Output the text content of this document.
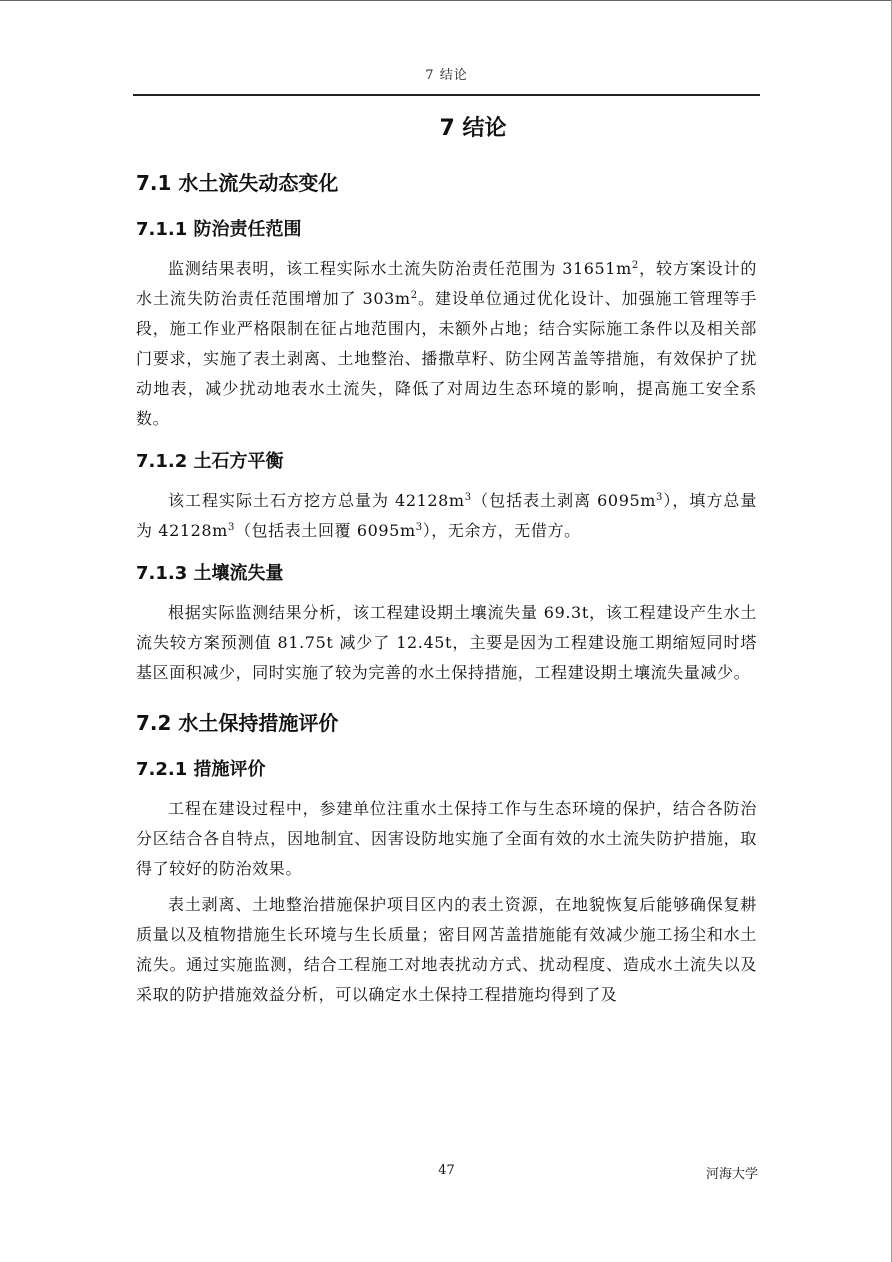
7 结论
7 结论
7.1 水土流失动态变化
7.1.1 防治责任范围

监测结果表明，该工程实际水土流失防治责任范围为 $31651m^2$，较方案设计的水土流失防治责任范围增加了 $303m^2$。建设单位通过优化设计、加强施工管理等手段，施工作业严格限制在征占地范围内，未额外占地；结合实际施工条件以及相关部门要求，实施了表土剥离、土地整治、播撒草籽、防尘网苫盖等措施，有效保护了扰动地表，减少扰动地表水土流失，降低了对周边生态环境的影响，提高施工安全系数。

7.1.2 土石方平衡

该工程实际土石方挖方总量为 $42128m^3$（包括表土剥离 $6095m^3$），填方总量为 $42128m^3$（包括表土回覆 $6095m^3$），无余方，无借方。

7.1.3 土壤流失量

根据实际监测结果分析，该工程建设期土壤流失量 69.3t，该工程建设产生水土流失较方案预测值 81.75t 减少了 12.45t，主要是因为工程建设施工期缩短同时塔基区面积减少，同时实施了较为完善的水土保持措施，工程建设期土壤流失量减少。

7.2 水土保持措施评价
7.2.1 措施评价

工程在建设过程中，参建单位注重水土保持工作与生态环境的保护，结合各防治分区结合各自特点，因地制宜、因害设防地实施了全面有效的水土流失防护措施，取得了较好的防治效果。

表土剥离、土地整治措施保护项目区内的表土资源，在地貌恢复后能够确保复耕质量以及植物措施生长环境与生长质量；密目网苫盖措施能有效减少施工扬尘和水土流失。通过实施监测，结合工程施工对地表扰动方式、扰动程度、造成水土流失以及采取的防护措施效益分析，可以确定水土保持工程措施均得到了及

47	河海大学
